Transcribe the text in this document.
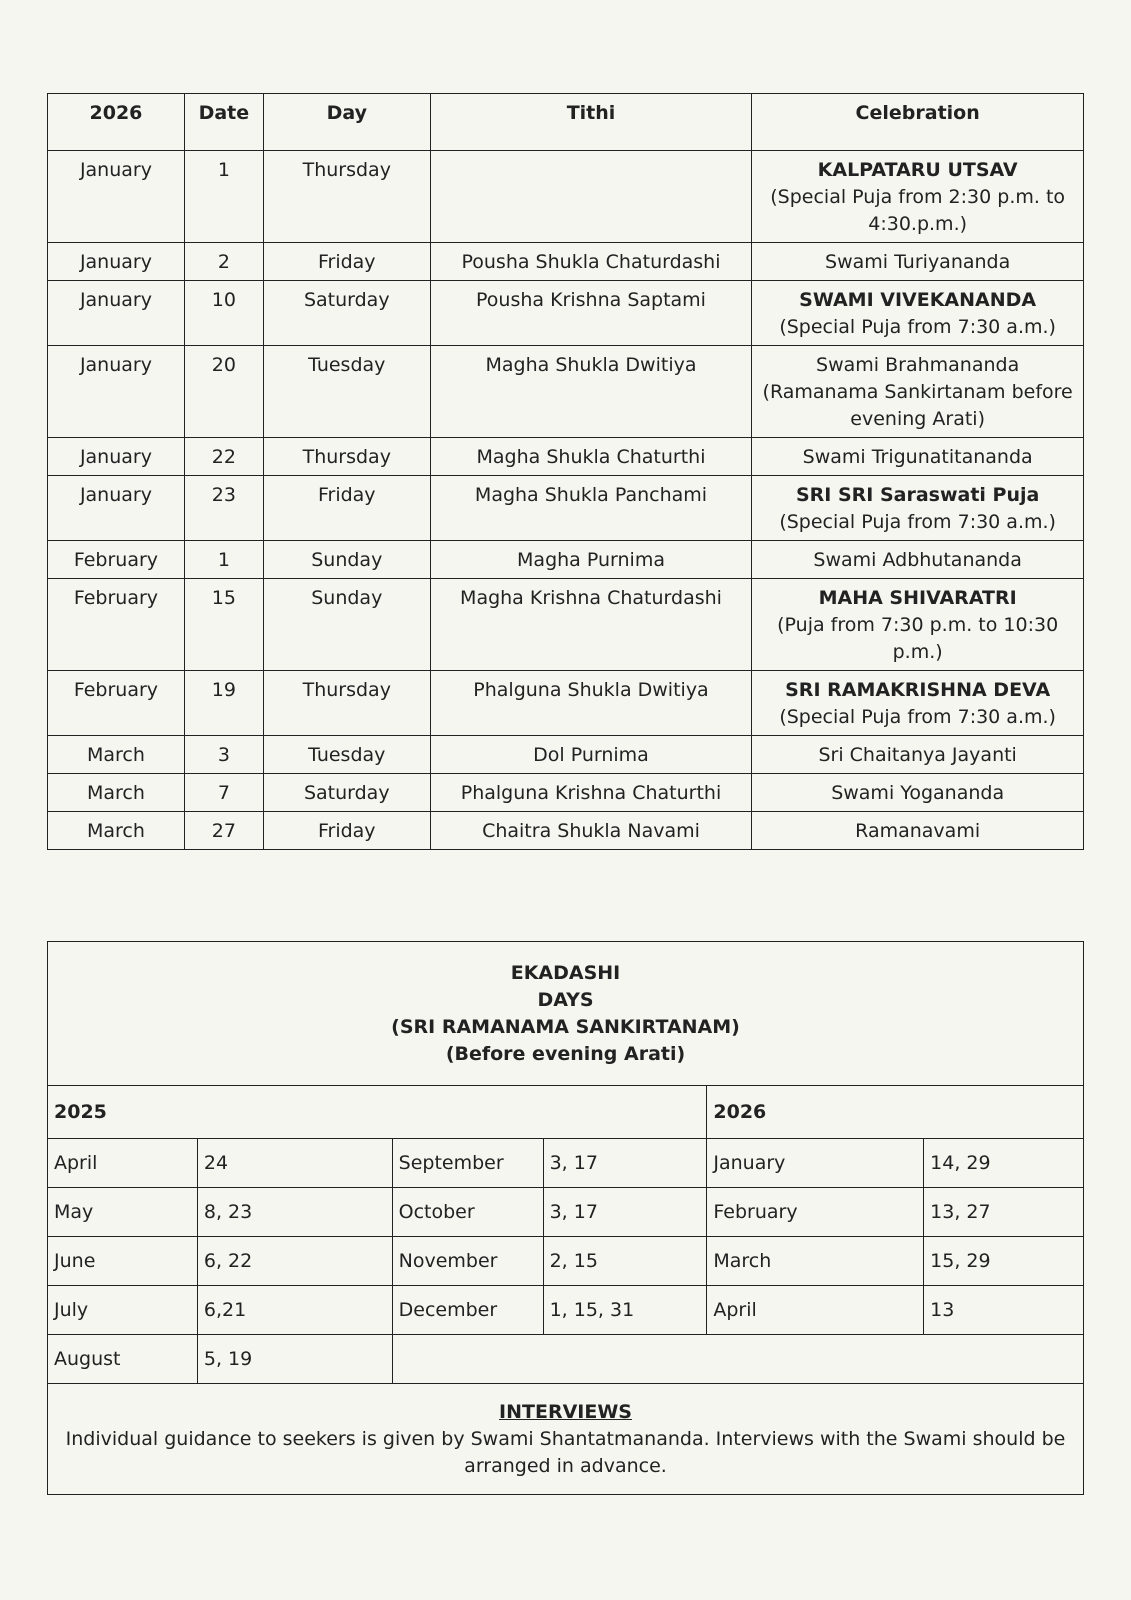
2026	Date	Day	Tithi	Celebration
January	1	Thursday		KALPATARU UTSAV
(Special Puja from 2:30 p.m. to 4:30.p.m.)

January	2	Friday	Pousha Shukla Chaturdashi	Swami Turiyananda

January	10	Saturday	Pousha Krishna Saptami	SWAMI VIVEKANANDA
(Special Puja from 7:30 a.m.)

January	20	Tuesday	Magha Shukla Dwitiya	Swami Brahmananda (Ramanama Sankirtanam before evening Arati)

January	22	Thursday	Magha Shukla Chaturthi	Swami Trigunatitananda

January	23	Friday	Magha Shukla Panchami	SRI SRI Saraswati Puja
(Special Puja from 7:30 a.m.)

February	1	Sunday	Magha Purnima	Swami Adbhutananda

February	15	Sunday	Magha Krishna Chaturdashi	MAHA SHIVARATRI
(Puja from 7:30 p.m. to 10:30 p.m.)

February	19	Thursday	Phalguna Shukla Dwitiya	SRI RAMAKRISHNA DEVA
(Special Puja from 7:30 a.m.)

March	3	Tuesday	Dol Purnima	Sri Chaitanya Jayanti

March	7	Saturday	Phalguna Krishna Chaturthi	Swami Yogananda

March	27	Friday	Chaitra Shukla Navami	Ramanavami
EKADASHI
DAYS
(SRI RAMANAMA SANKIRTANAM)
(Before evening Arati)					

2025				2026	
April	24	September	3, 17	January	14, 29
May	8, 23	October	3, 17	February	13, 27
June	6, 22	November	2, 15	March	15, 29
July	6,21	December	1, 15, 31	April	13
August	5, 19				

INTERVIEWS
Individual guidance to seekers is given by Swami Shantatmananda. Interviews with the Swami should be arranged in advance.					
